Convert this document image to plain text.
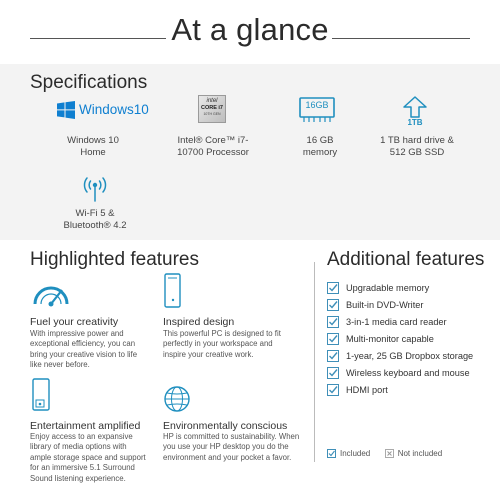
At a glance
Specifications
Windows10
Windows 10 Home
intel
CORE i7
10TH GEN
Intel® Core™ i7-10700 Processor
16GB
16 GB memory
1TB
1 TB hard drive & 512 GB SSD
Wi-Fi 5 & Bluetooth® 4.2
Highlighted features
Fuel your creativity
With impressive power and exceptional efficiency, you can bring your creative vision to life like never before.
Inspired design
This powerful PC is designed to fit perfectly in your workspace and inspire your creative work.
Entertainment amplified
Enjoy access to an expansive library of media options with ample storage space and support for an immersive 5.1 Surround Sound listening experience.
Environmentally conscious
HP is committed to sustainability. When you use your HP desktop you do the environment and your pocket a favor.
Additional features
Upgradable memory
Built-in DVD-Writer
3-in-1 media card reader
Multi-monitor capable
1-year, 25 GB Dropbox storage
Wireless keyboard and mouse
HDMI port
Included	Not included
